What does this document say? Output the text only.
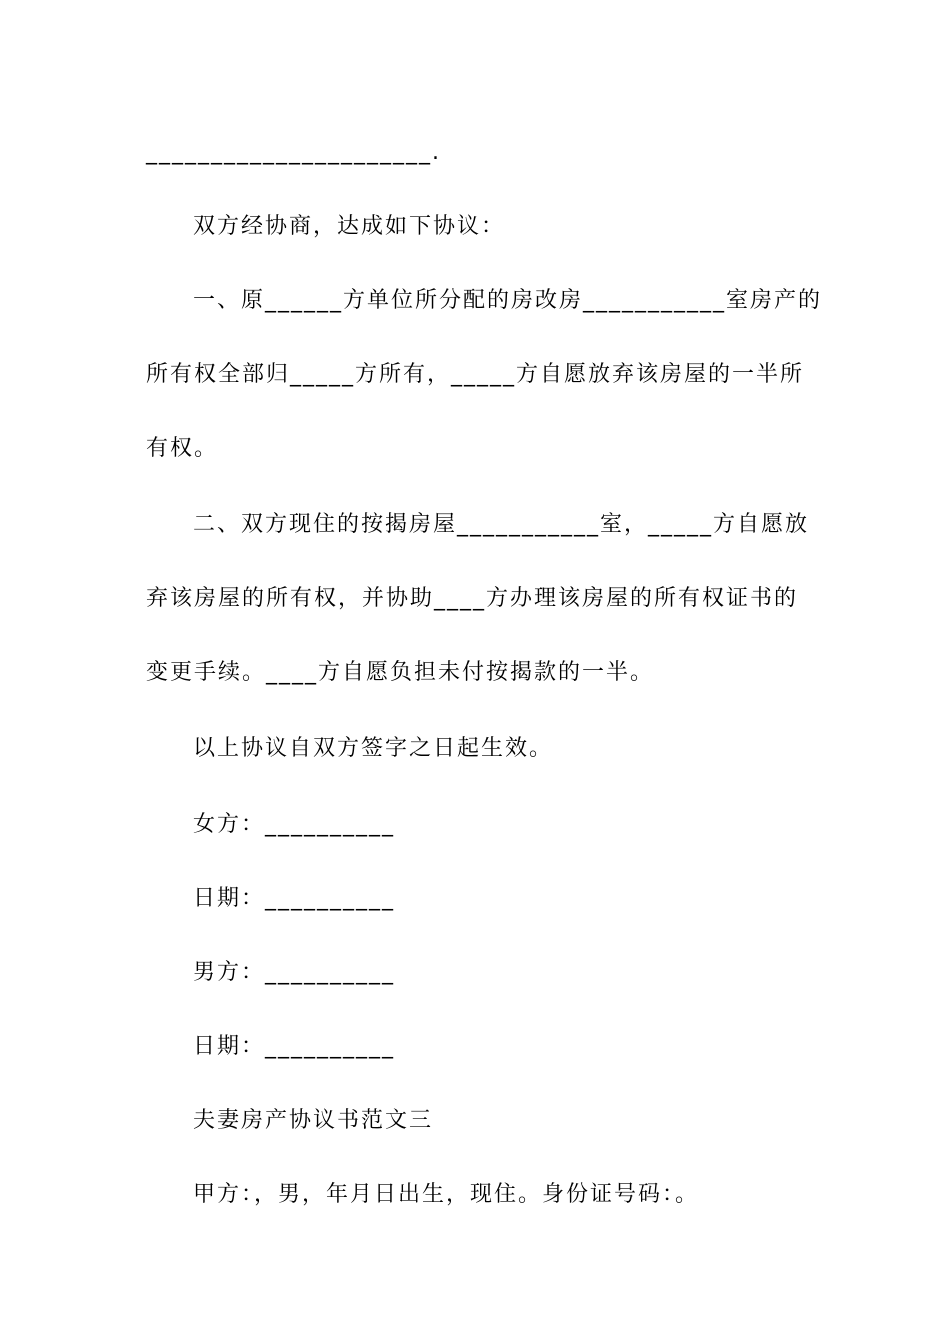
______________________.
双方经协商，达成如下协议：
一、原______方单位所分配的房改房___________室房产的
所有权全部归_____方所有，_____方自愿放弃该房屋的一半所
有权。
二、双方现住的按揭房屋___________室，_____方自愿放
弃该房屋的所有权，并协助____方办理该房屋的所有权证书的
变更手续。____方自愿负担未付按揭款的一半。
以上协议自双方签字之日起生效。
女方：__________
日期：__________
男方：__________
日期：__________
夫妻房产协议书范文三
甲方：，男，年月日出生，现住。身份证号码：。
